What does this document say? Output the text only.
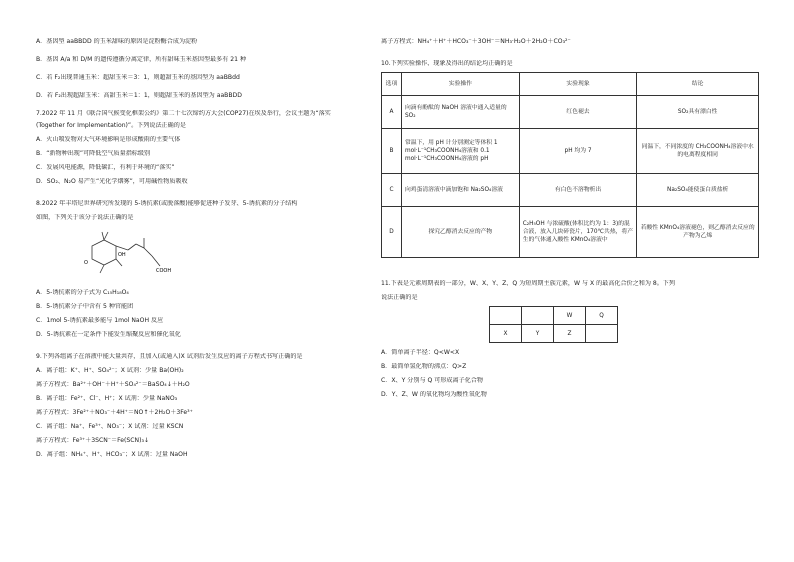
A．基因型 aaBBDD 的玉米甜味的原因是淀粉酶合成为淀粉
B．基因 A/a 和 D/M 的遗传遵循分离定律，所有甜味玉米基因型最多有 21 种
C．若 F₂出现普通玉米：超甜玉米＝3：1，则超甜玉米的基因型为 aaBBdd
D．若 F₂出现超甜玉米：高甜玉米＝1：1，则超甜玉米的基因型为 aaBBDD
7.2022 年 11 月《联合国气候变化框架公约》第二十七次缔约方大会(COP27)在埃及举行，会议主题为“落实
(Together for Implementation)”。下列说法正确的是
A．火山喷发物对大气环境影响是形成酸雨的主要气体
B．“新物种出现”可降低空气质量指标级别
C．发展风电能源，降低碳汇，有利于环境的“落实”
D．SO₂、N₂O 易产生“光化学烟雾”，可用碱性物质吸收
8.2022 年丰塔尼世界研究所发现的 5-诱抗素(或脱落酸)能够促进种子发芽、5-诱抗素的分子结构
如图，下列关于该分子说法正确的是
O
OH
COOH
A．5-诱抗素的分子式为 C₁₅H₁₈O₄
B．5-诱抗素分子中含有 5 种官能团
C．1mol 5-诱抗素最多能与 1mol NaOH 反应
D．5-诱抗素在一定条件下能发生缩聚反应和催化氧化
9.下列各组离子在溶液中能大量共存，且加入(或通入)X 试剂后发生反应的离子方程式书写正确的是
A．离子组：K⁺、H⁺、SO₄²⁻；X 试剂：少量 Ba(OH)₂
离子方程式：Ba²⁺＋OH⁻＋H⁺＋SO₄²⁻＝BaSO₄↓＋H₂O
B．离子组：Fe²⁺、Cl⁻、H⁺；X 试剂：少量 NaNO₃
离子方程式：3Fe²⁺＋NO₃⁻＋4H⁺＝NO↑＋2H₂O＋3Fe³⁺
C．离子组：Na⁺、Fe³⁺、NO₃⁻；X 试剂：过量 KSCN
离子方程式：Fe³⁺＋3SCN⁻＝Fe(SCN)₃↓
D．离子组：NH₄⁺、H⁺、HCO₃⁻；X 试剂：过量 NaOH
离子方程式：NH₄⁺＋H⁺＋HCO₃⁻＋3OH⁻＝NH₃·H₂O＋2H₂O＋CO₃²⁻
10.下列实验操作、现象及得出的结论均正确的是
选项	实验操作	实验现象	结论
A	向滴有酚酞的 NaOH 溶液中通入适量的 SO₂	红色褪去	SO₂具有漂白性
B	常温下，用 pH 计分别测定等体积 1 mol·L⁻¹CH₃COONH₄溶液和 0.1 mol·L⁻¹CH₃COONH₄溶液的 pH	pH 均为 7	同温下，不同浓度的 CH₃COONH₄溶液中水的电离程度相同
C	向鸡蛋清溶液中滴加饱和 Na₂SO₄溶液	有白色不溶物析出	Na₂SO₄能使蛋白质盐析
D	探究乙醇消去反应的产物	C₂H₅OH 与浓硫酸(体积比约为 1：3)的混合液，放入几块碎瓷片，170℃共热，将产生的气体通入酸性 KMnO₄溶液中	若酸性 KMnO₄溶液褪色，则乙醇消去反应的产物为乙烯
11.下表是元素周期表的一部分，W、X、Y、Z、Q 为短周期主族元素，W 与 X 的最高化合价之和为 8。下列
说法正确的是
		W	Q
X	Y	Z	
A．简单离子半径：Q<W<X
B．最简单氢化物的沸点：Q>Z
C．X、Y 分别与 Q 可形成离子化合物
D．Y、Z、W 的氧化物均为酸性氧化物
